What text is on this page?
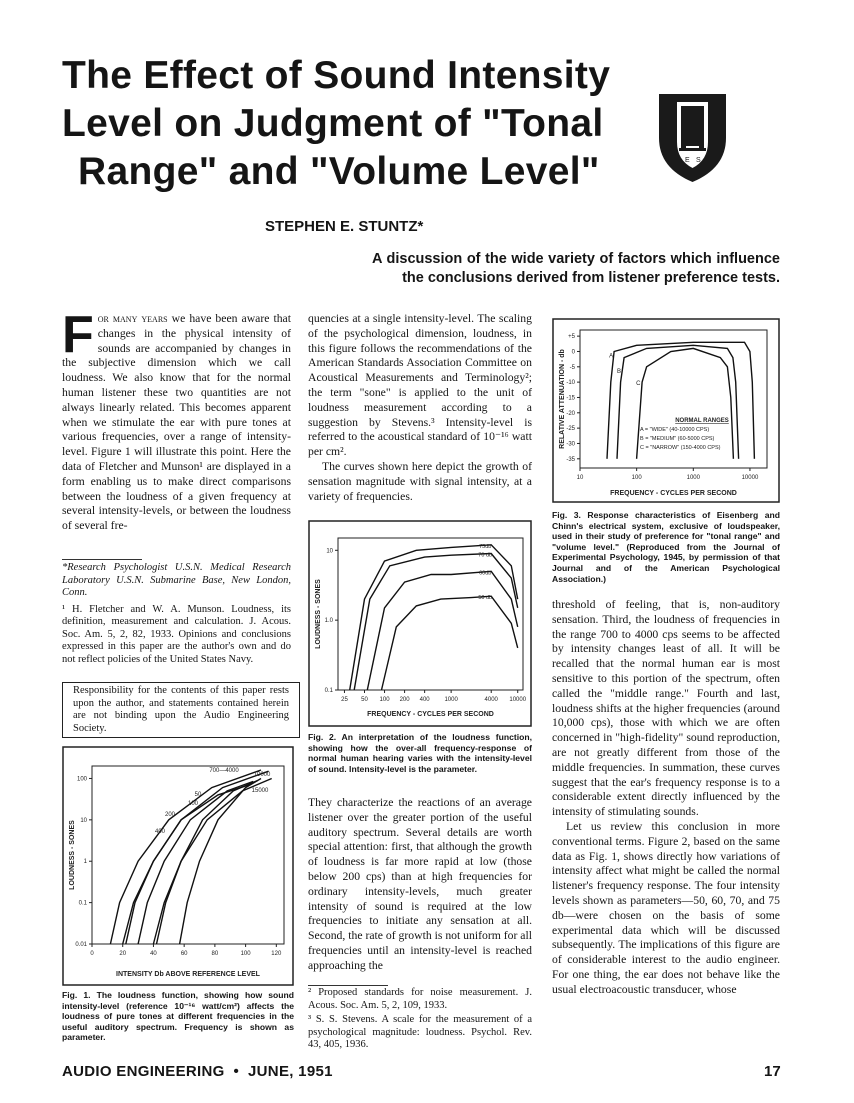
The Effect of Sound Intensity
Level on Judgment of "Tonal
Range" and "Volume Level"	E S
STEPHEN E. STUNTZ*
A discussion of the wide variety of factors which influence the conclusions derived from listener preference tests.
For many years we have been aware that changes in the physical intensity of sounds are accompanied by changes in the subjective dimension which we call loudness. We also know that for the normal human listener these two quantities are not always linearly related. This becomes apparent when we stimulate the ear with pure tones at various frequencies, over a range of intensity-level. Figure 1 will illustrate this point. Here the data of Fletcher and Munson¹ are displayed in a form enabling us to make direct comparisons between the loudness of a given frequency at several intensity-levels, or between the loudness of several fre-

*Research Psychologist U.S.N. Medical Research Laboratory U.S.N. Submarine Base, New London, Conn.

¹ H. Fletcher and W. A. Munson. Loudness, its definition, measurement and calculation. J. Acous. Soc. Am. 5, 2, 82, 1933. Opinions and conclusions expressed in this paper are the author's own and do not reflect policies of the United States Navy.

Responsibility for the contents of this paper rests upon the author, and statements contained herein are not binding upon the Audio Engineering Society.
0	20	40	60	80	100	120
0.01
0.1
1
10
100
INTENSITY Db ABOVE REFERENCE LEVEL
LOUDNESS - SONES
700—4000
10000
15000
50
100
200
400
Fig. 1. The loudness function, showing how sound intensity-level (reference 10⁻¹⁶ watt/cm²) affects the loudness of pure tones at different frequencies in the useful auditory spectrum. Frequency is shown as parameter.

quencies at a single intensity-level. The scaling of the psychological dimension, loudness, in this figure follows the recommendations of the American Standards Association Committee on Acoustical Measurements and Terminology²; the term "sone" is applied to the unit of loudness measurement according to a suggestion by Stevens.³ Intensity-level is referred to the acoustical standard of 10⁻¹⁶ watt per cm².

The curves shown here depict the growth of sensation magnitude with signal intensity, at a variety of frequencies.

25 50 100 200 400 1000	4000 10000
0.1
1.0
10
FREQUENCY - CYCLES PER SECOND
LOUDNESS - SONES
75db
70 db
60db
50 db
Fig. 2. An interpretation of the loudness function, showing how the over-all frequency-response of normal human hearing varies with the intensity-level of sound. Intensity-level is the parameter.

They characterize the reactions of an average listener over the greater portion of the useful auditory spectrum. Several details are worth special attention: first, that although the growth of loudness is far more rapid at low (those below 200 cps) than at high frequencies for ordinary intensity-levels, much greater intensity of sound is required at the low frequencies to initiate any sensation at all. Second, the rate of growth is not uniform for all frequencies until an intensity-level is reached approaching the

² Proposed standards for noise measurement. J. Acous. Soc. Am. 5, 2, 109, 1933.

³ S. S. Stevens. A scale for the measurement of a psychological magnitude: loudness. Psychol. Rev. 43, 405, 1936.

10	100	1000	10000
+5
0
-5
-10
-15
-20
-25
-30
-35
FREQUENCY - CYCLES PER SECOND
RELATIVE ATTENUATION - db	A
B
C
NORMAL RANGES
A = "WIDE" (40-10000 CPS)
B = "MEDIUM" (60-5000 CPS)
C = "NARROW" (150-4000 CPS)
Fig. 3. Response characteristics of Eisenberg and Chinn's electrical system, exclusive of loudspeaker, used in their study of preference for "tonal range" and "volume level." (Reproduced from the Journal of Experimental Psychology, 1945, by permission of that Journal and of the American Psychological Association.)

threshold of feeling, that is, non-auditory sensation. Third, the loudness of frequencies in the range 700 to 4000 cps seems to be affected by intensity changes least of all. It will be recalled that the normal human ear is most sensitive to this portion of the spectrum, often called the "middle range." Fourth and last, loudness shifts at the higher frequencies (around 10,000 cps), those with which we are often concerned in "high-fidelity" sound reproduction, are not greatly different from those of the middle frequencies. In summation, these curves suggest that the ear's frequency response is to a considerable extent directly influenced by the intensity of stimulating sounds.

Let us review this conclusion in more conventional terms. Figure 2, based on the same data as Fig. 1, shows directly how variations of intensity affect what might be called the normal listener's frequency response. The four intensity levels shown as parameters—50, 60, 70, and 75 db—were chosen on the basis of some experimental data which will be discussed subsequently. The implications of this figure are of considerable interest to the audio engineer. For one thing, the ear does not behave like the usual electroacoustic transducer, whose

AUDIO ENGINEERING  •  JUNE, 1951	17
